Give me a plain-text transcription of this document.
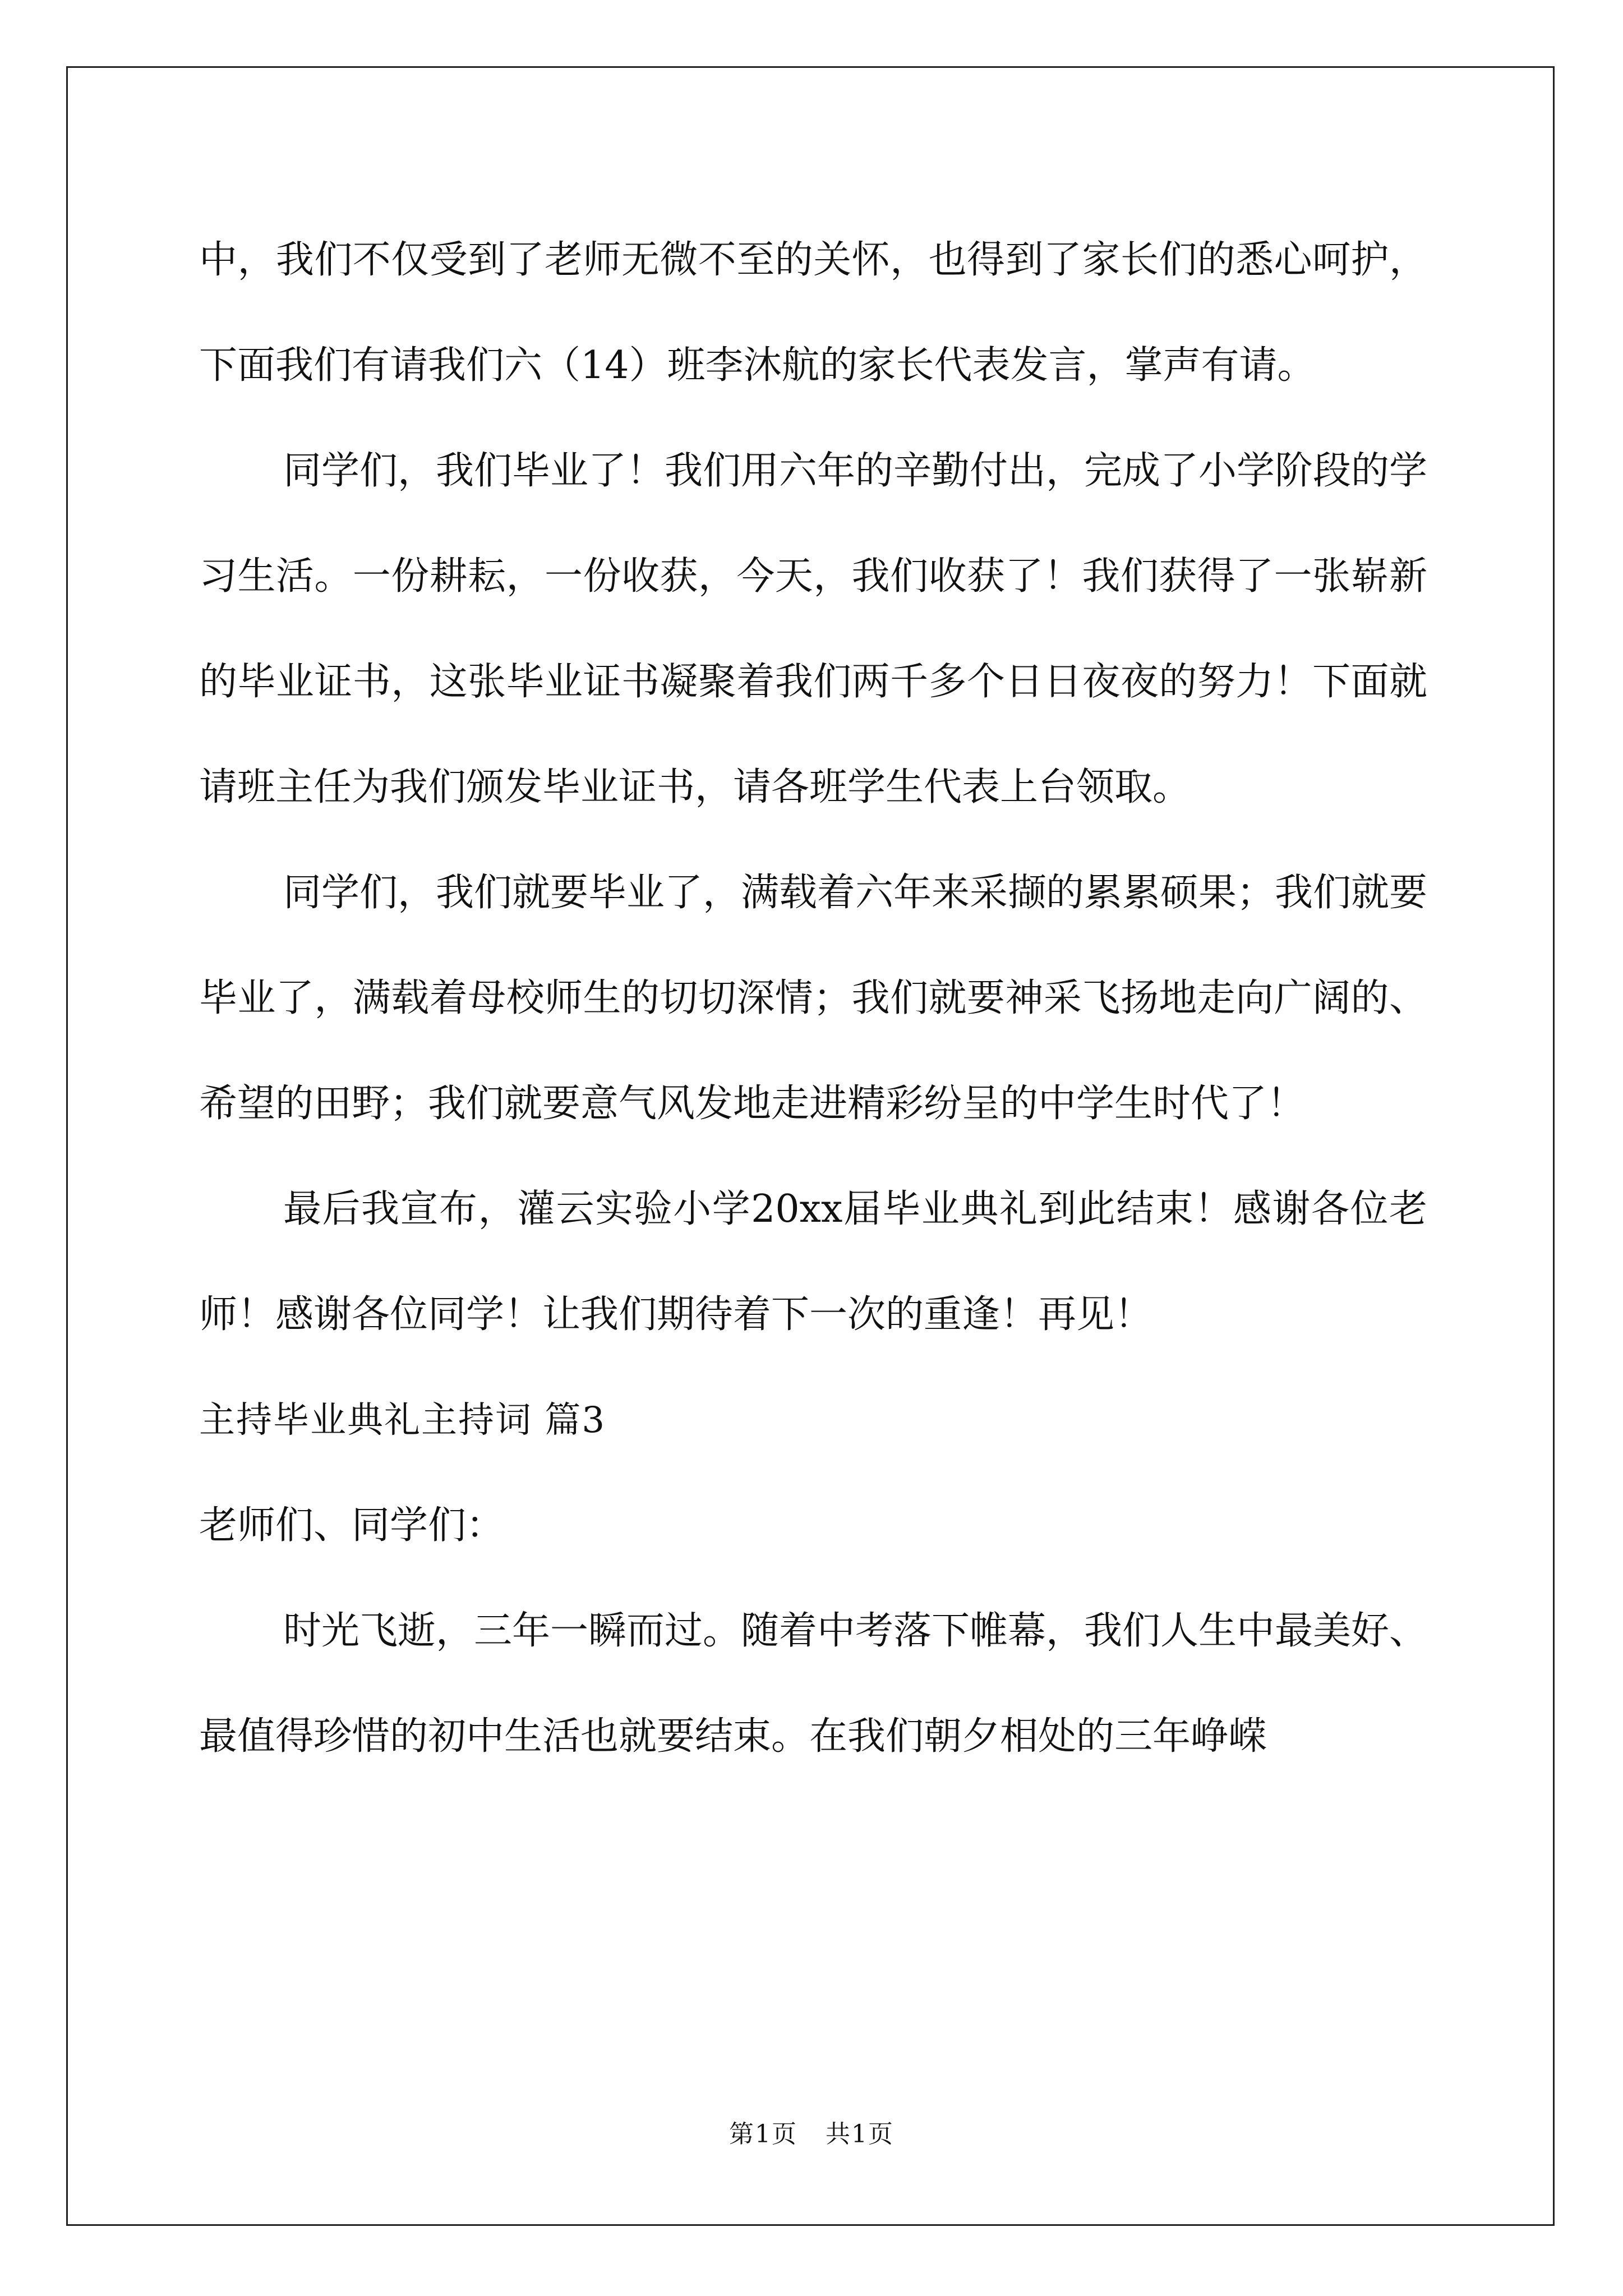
中，我们不仅受到了老师无微不至的关怀，也得到了家长们的悉心呵护，下面我们有请我们六（14）班李沐航的家长代表发言，掌声有请。

同学们，我们毕业了！我们用六年的辛勤付出，完成了小学阶段的学习生活。一份耕耘，一份收获，今天，我们收获了！我们获得了一张崭新的毕业证书，这张毕业证书凝聚着我们两千多个日日夜夜的努力！下面就请班主任为我们颁发毕业证书，请各班学生代表上台领取。

同学们，我们就要毕业了，满载着六年来采撷的累累硕果；我们就要毕业了，满载着母校师生的切切深情；我们就要神采飞扬地走向广阔的、希望的田野；我们就要意气风发地走进精彩纷呈的中学生时代了！

最后我宣布，灌云实验小学20xx届毕业典礼到此结束！感谢各位老师！感谢各位同学！让我们期待着下一次的重逢！再见！

主持毕业典礼主持词 篇3

老师们、同学们：

时光飞逝，三年一瞬而过。随着中考落下帷幕，我们人生中最美好、最值得珍惜的初中生活也就要结束。在我们朝夕相处的三年峥嵘

第1页 共1页
